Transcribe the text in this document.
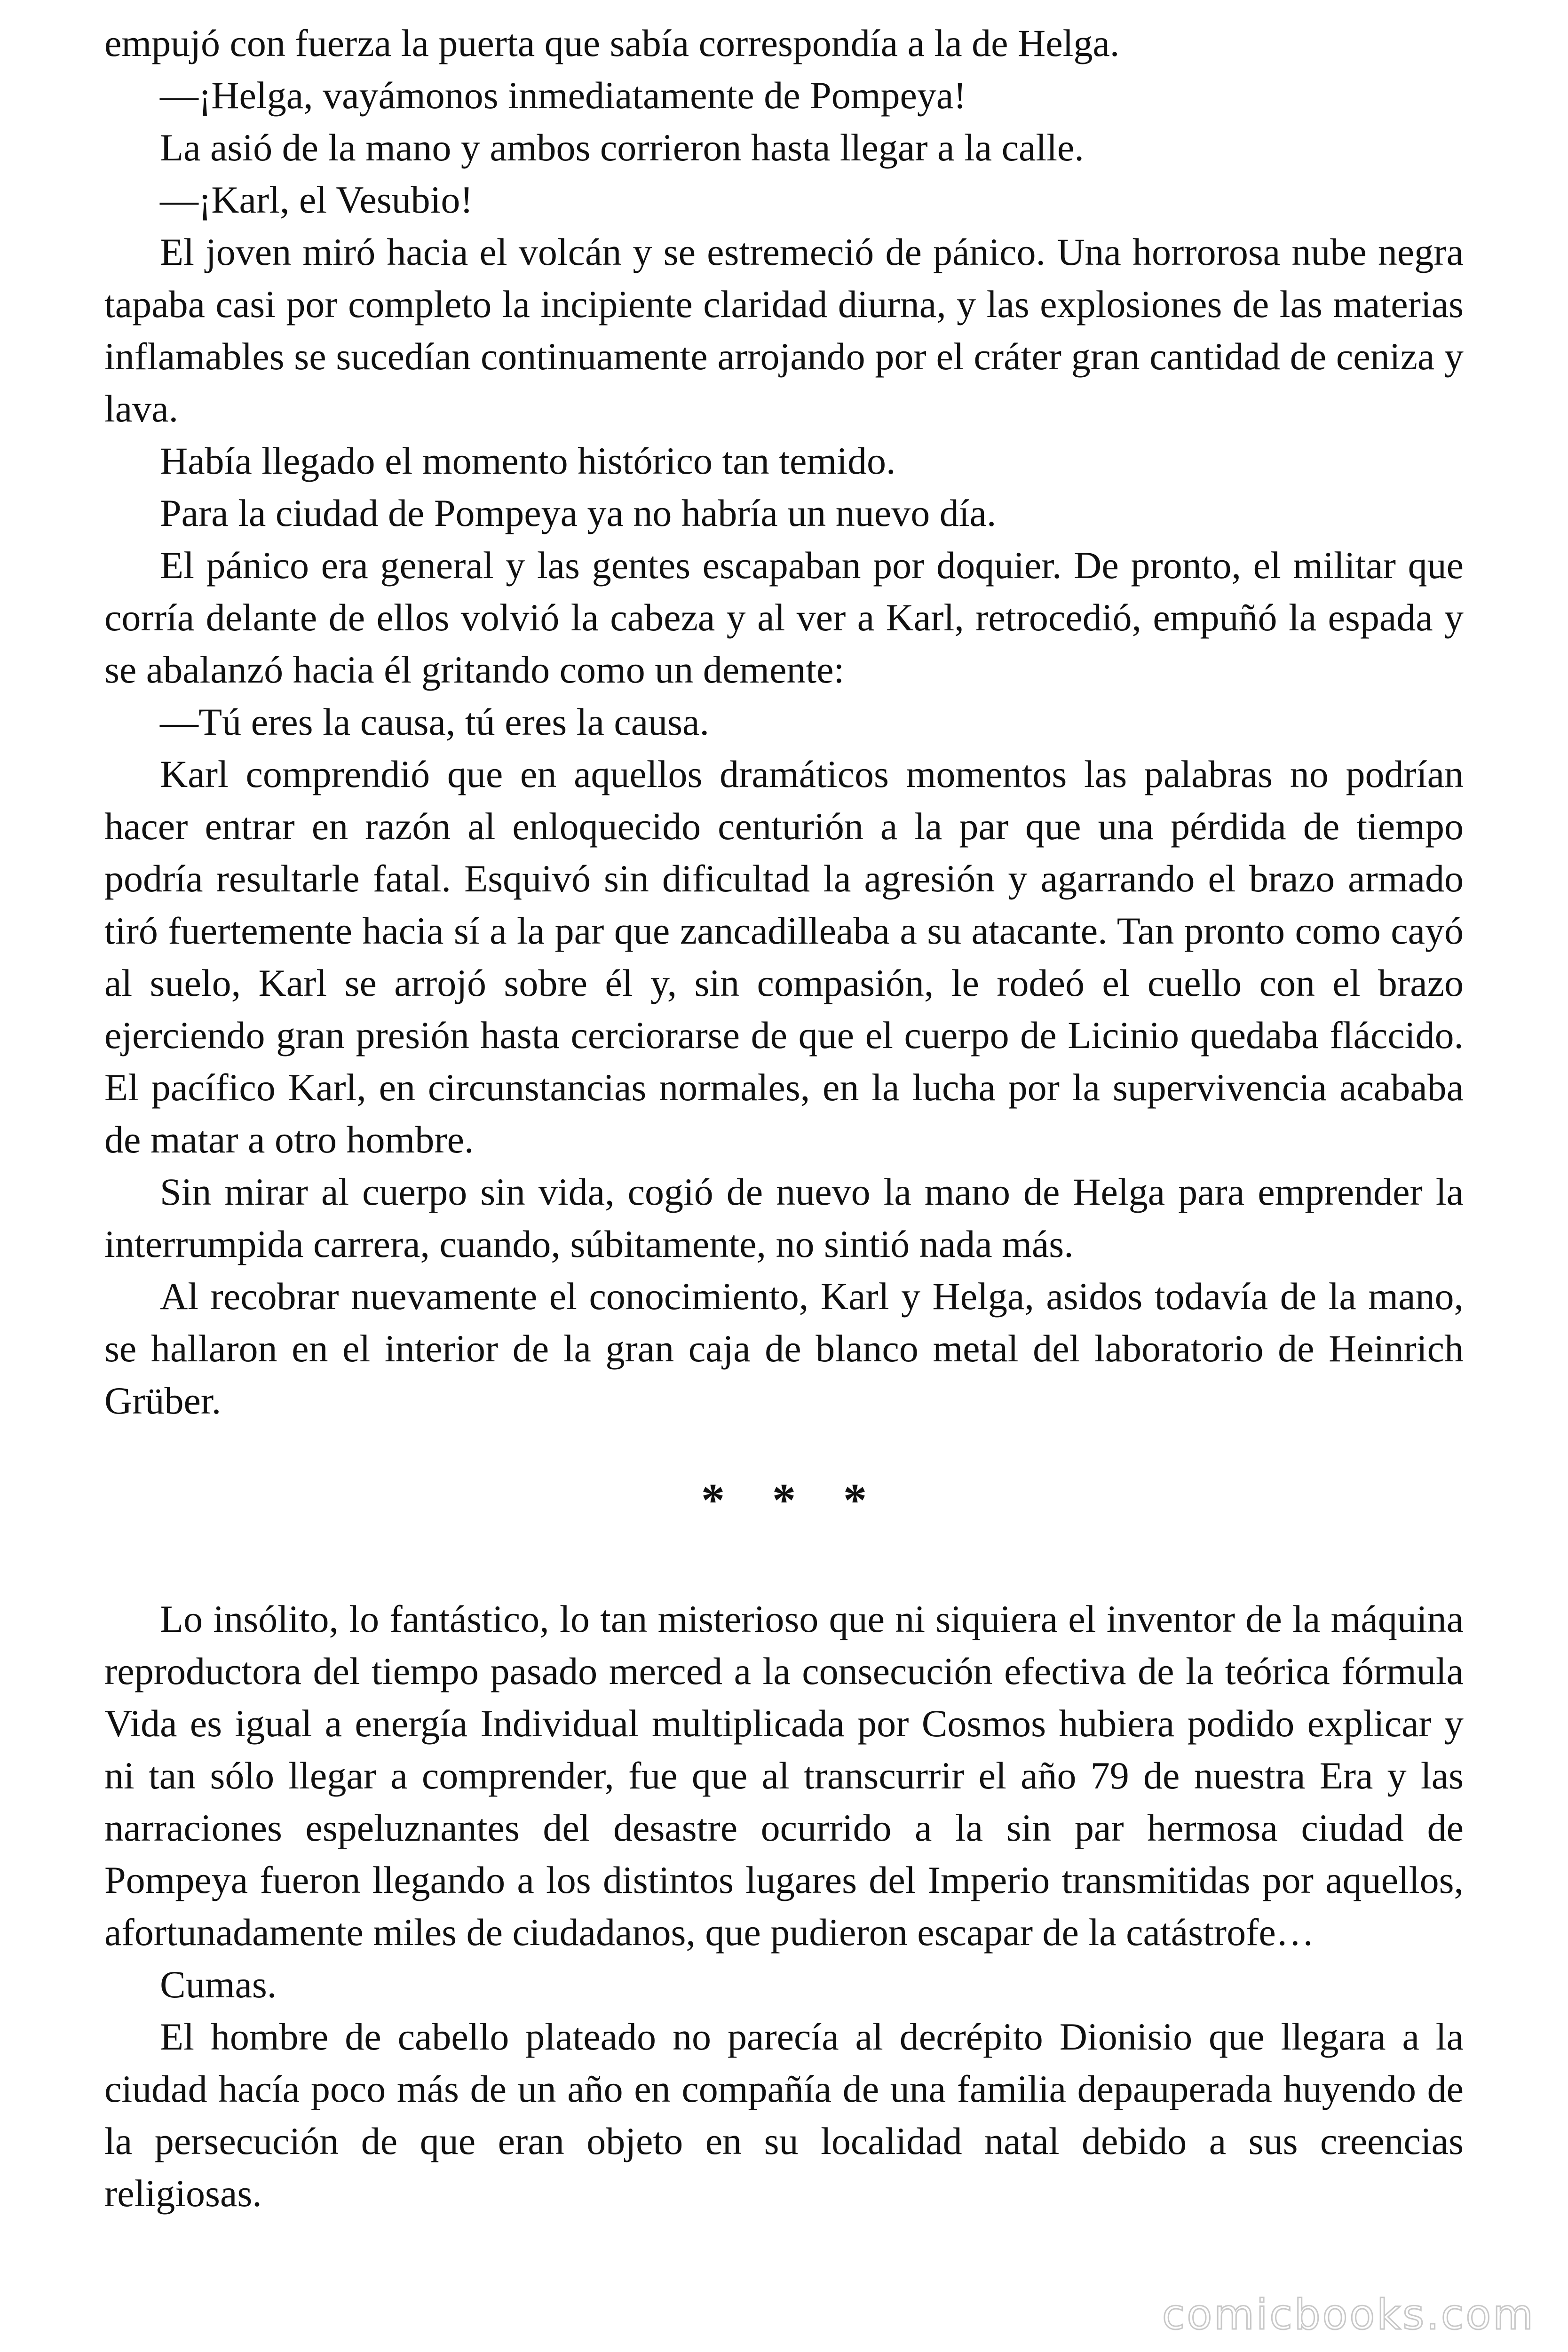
empujó con fuerza la puerta que sabía correspondía a la de Helga.

—¡Helga, vayámonos inmediatamente de Pompeya!

La asió de la mano y ambos corrieron hasta llegar a la calle.

—¡Karl, el Vesubio!

El joven miró hacia el volcán y se estremeció de pánico. Una horrorosa nube negra tapaba casi por completo la incipiente claridad diurna, y las explosiones de las materias inflamables se sucedían continuamente arrojando por el cráter gran cantidad de ceniza y lava.

Había llegado el momento histórico tan temido.

Para la ciudad de Pompeya ya no habría un nuevo día.

El pánico era general y las gentes escapaban por doquier. De pronto, el militar que corría delante de ellos volvió la cabeza y al ver a Karl, retrocedió, empuñó la espada y se abalanzó hacia él gritando como un demente:

—Tú eres la causa, tú eres la causa.

Karl comprendió que en aquellos dramáticos momentos las palabras no podrían hacer entrar en razón al enloquecido centurión a la par que una pérdida de tiempo podría resultarle fatal. Esquivó sin dificultad la agresión y agarrando el brazo armado tiró fuertemente hacia sí a la par que zancadilleaba a su atacante. Tan pronto como cayó al suelo, Karl se arrojó sobre él y, sin compasión, le rodeó el cuello con el brazo ejerciendo gran presión hasta cerciorarse de que el cuerpo de Licinio quedaba fláccido. El pacífico Karl, en circunstancias normales, en la lucha por la supervivencia acababa de matar a otro hombre.

Sin mirar al cuerpo sin vida, cogió de nuevo la mano de Helga para emprender la interrumpida carrera, cuando, súbitamente, no sintió nada más.

Al recobrar nuevamente el conocimiento, Karl y Helga, asidos todavía de la mano, se hallaron en el interior de la gran caja de blanco metal del laboratorio de Heinrich Grüber.

* * *

Lo insólito, lo fantástico, lo tan misterioso que ni siquiera el inventor de la máquina reproductora del tiempo pasado merced a la consecución efectiva de la teórica fórmula Vida es igual a energía Individual multiplicada por Cosmos hubiera podido explicar y ni tan sólo llegar a comprender, fue que al transcurrir el año 79 de nuestra Era y las narraciones espeluznantes del desastre ocurrido a la sin par hermosa ciudad de Pompeya fueron llegando a los distintos lugares del Imperio transmitidas por aquellos, afortunadamente miles de ciudadanos, que pudieron escapar de la catástrofe…

Cumas.

El hombre de cabello plateado no parecía al decrépito Dionisio que llegara a la ciudad hacía poco más de un año en compañía de una familia depauperada huyendo de la persecución de que eran objeto en su localidad natal debido a sus creencias religiosas.

comicbooks.com
